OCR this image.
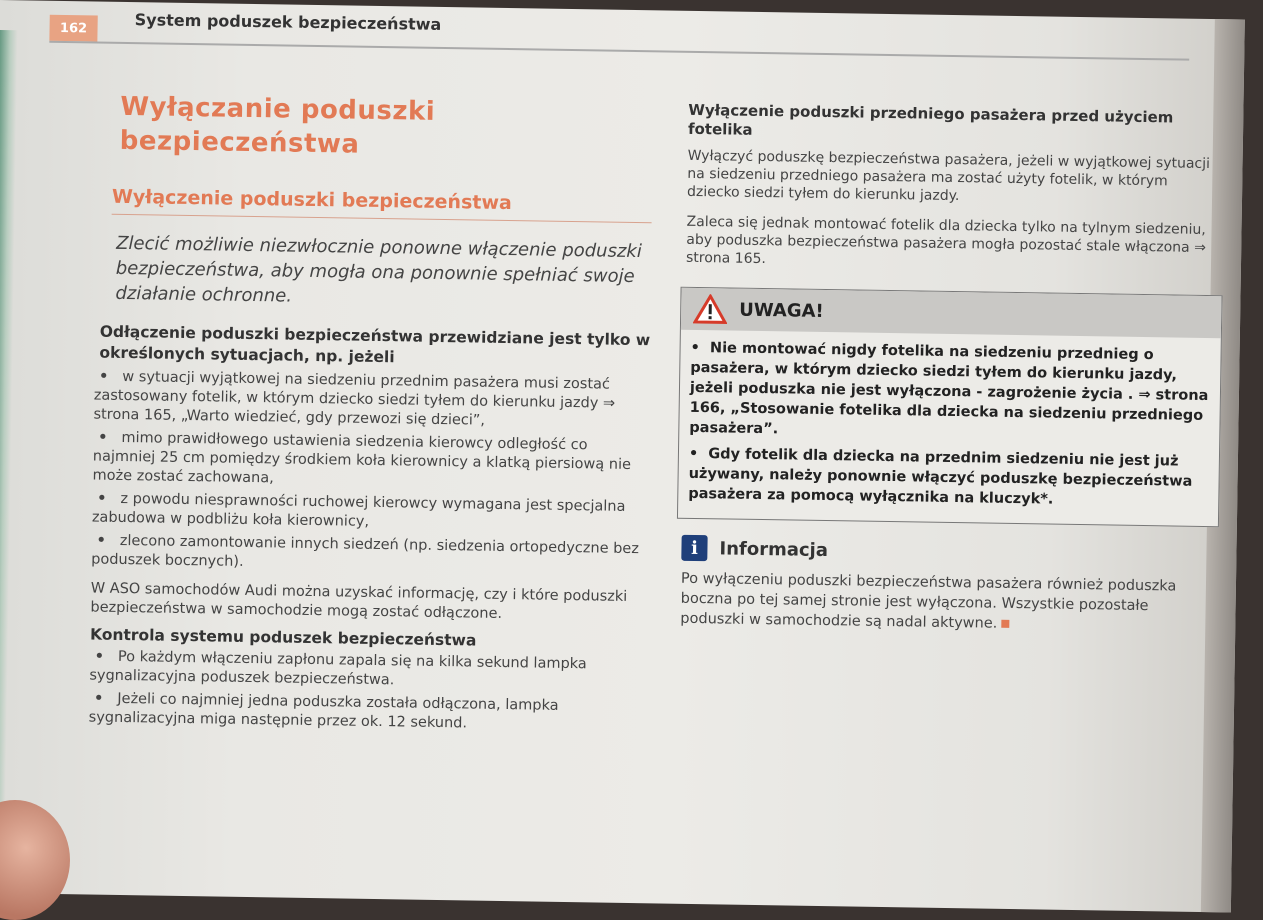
162	System poduszek bezpieczeństwa
Wyłączanie poduszki
bezpieczeństwa
Wyłączenie poduszki bezpieczeństwa
Zlecić możliwie niezwłocznie ponowne włączenie poduszki bezpieczeństwa, aby mogła ona ponownie spełniać swoje działanie ochronne.
Odłączenie poduszki bezpieczeństwa przewidziane jest tylko w określonych sytuacjach, np. jeżeli
• w sytuacji wyjątkowej na siedzeniu przednim pasażera musi zostać zastosowany fotelik, w którym dziecko siedzi tyłem do kierunku jazdy ⇒ strona 165, „Warto wiedzieć, gdy przewozi się dzieci”,
• mimo prawidłowego ustawienia siedzenia kierowcy odległość co najmniej 25 cm pomiędzy środkiem koła kierownicy a klatką piersiową nie może zostać zachowana,
• z powodu niesprawności ruchowej kierowcy wymagana jest specjalna zabudowa w podbliżu koła kierownicy,
• zlecono zamontowanie innych siedzeń (np. siedzenia ortopedyczne bez poduszek bocznych).
W ASO samochodów Audi można uzyskać informację, czy i które poduszki bezpieczeństwa w samochodzie mogą zostać odłączone.
Kontrola systemu poduszek bezpieczeństwa
• Po każdym włączeniu zapłonu zapala się na kilka sekund lampka sygnalizacyjna poduszek bezpieczeństwa.
• Jeżeli co najmniej jedna poduszka została odłączona, lampka sygnalizacyjna miga następnie przez ok. 12 sekund.
Wyłączenie poduszki przedniego pasażera przed użyciem fotelika
Wyłączyć poduszkę bezpieczeństwa pasażera, jeżeli w wyjątkowej sytuacji na siedzeniu przedniego pasażera ma zostać użyty fotelik, w którym dziecko siedzi tyłem do kierunku jazdy.
Zaleca się jednak montować fotelik dla dziecka tylko na tylnym siedzeniu, aby poduszka bezpieczeństwa pasażera mogła pozostać stale włączona ⇒ strona 165.
UWAGA!

•  Nie montować nigdy fotelika na siedzeniu przednieg o pasażera, w którym dziecko siedzi tyłem do kierunku jazdy, jeżeli poduszka nie jest wyłączona - zagrożenie życia . ⇒ strona 166, „Stosowanie fotelika dla dziecka na siedzeniu przedniego pasażera”.

•  Gdy fotelik dla dziecka na przednim siedzeniu nie jest już używany, należy ponownie włączyć poduszkę bezpieczeństwa pasażera za pomocą wyłącznika na kluczyk*.

i	Informacja
Po wyłączeniu poduszki bezpieczeństwa pasażera również poduszka boczna po tej samej stronie jest wyłączona. Wszystkie pozostałe poduszki w samochodzie są nadal aktywne.
